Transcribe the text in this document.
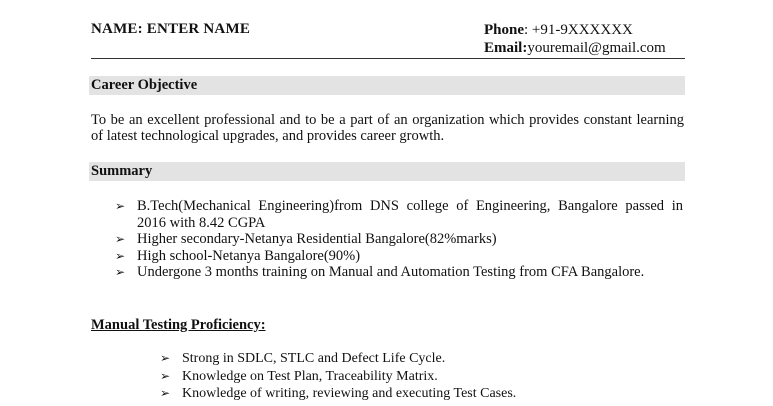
NAME: ENTER NAME	Phone: +91-9XXXXXX
Email:youremail@gmail.com
Career Objective
To be an excellent professional and to be a part of an organization which provides constant learning of latest technological upgrades, and provides career growth.
Summary
➢ B.Tech(Mechanical Engineering)from DNS college of Engineering, Bangalore passed in 2016 with 8.42 CGPA
➢ Higher secondary-Netanya Residential Bangalore(82%marks)
➢ High school-Netanya Bangalore(90%)
➢ Undergone 3 months training on Manual and Automation Testing from CFA Bangalore.
Manual Testing Proficiency:
➢ Strong in SDLC, STLC and Defect Life Cycle.
➢ Knowledge on Test Plan, Traceability Matrix.
➢ Knowledge of writing, reviewing and executing Test Cases.
